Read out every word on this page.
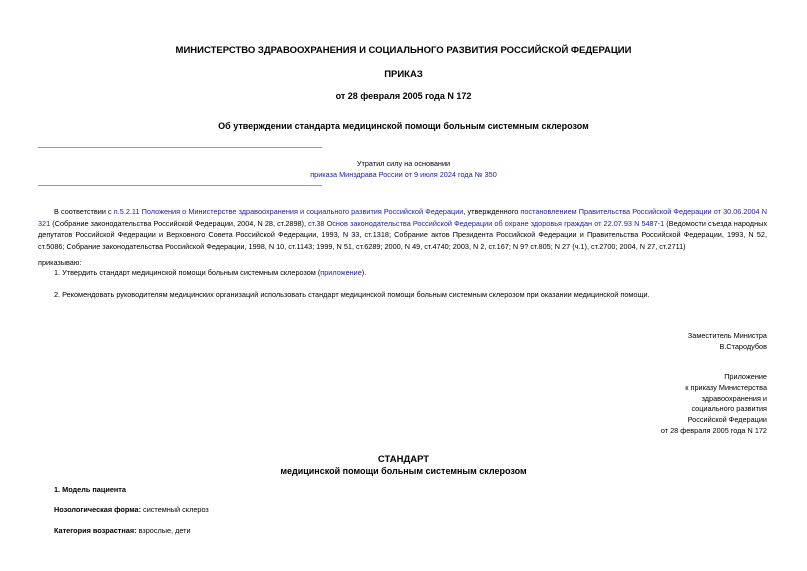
МИНИСТЕРСТВО ЗДРАВООХРАНЕНИЯ И СОЦИАЛЬНОГО РАЗВИТИЯ РОССИЙСКОЙ ФЕДЕРАЦИИ
ПРИКАЗ
от 28 февраля 2005 года N 172
Об утверждении стандарта медицинской помощи больным системным склерозом
Утратил силу на основании
приказа Минздрава России от 9 июля 2024 года № 350
В соответствии с п.5.2.11 Положения о Министерстве здравоохранения и социального развития Российской Федерации, утвержденного постановлением Правительства Российской Федерации от 30.06.2004 N 321 (Собрание законодательства Российской Федерации, 2004, N 28, ст.2898), ст.38 Основ законодательства Российской Федерации об охране здоровья граждан от 22.07.93 N 5487-1 (Ведомости съезда народных депутатов Российской Федерации и Верховного Совета Российской Федерации, 1993, N 33, ст.1318; Собрание актов Президента Российской Федерации и Правительства Российской Федерации, 1993, N 52, ст.5086; Собрание законодательства Российской Федерации, 1998, N 10, ст.1143; 1999, N 51, ст.6289; 2000, N 49, ст.4740; 2003, N 2, ст.167; N 9? ст.805; N 27 (ч.1), ст.2700; 2004, N 27, ст.2711)
приказываю:
1. Утвердить стандарт медицинской помощи больным системным склерозом (приложение).
2. Рекомендовать руководителям медицинских организаций использовать стандарт медицинской помощи больным системным склерозом при оказании медицинской помощи.
Заместитель Министра
В.Стародубов
Приложение
к приказу Министерства
здравоохранения и
социального развития
Российской Федерации
от 28 февраля 2005 года N 172
СТАНДАРТ
медицинской помощи больным системным склерозом
1. Модель пациента
Нозологическая форма: системный склероз
Категория возрастная: взрослые, дети
